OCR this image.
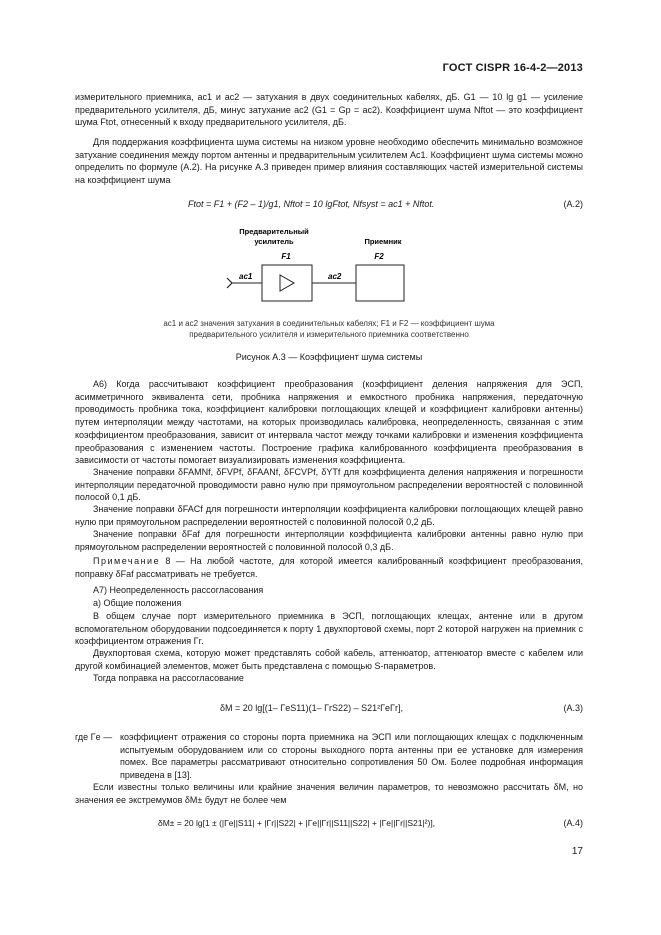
ГОСТ CISPR 16-4-2—2013
измерительного приемника, ac1 и ac2 — затухания в двух соединительных кабелях, дБ. G1 — 10 lg g1 — усиление предварительного усилителя, дБ, минус затухание ac2 (G1 = Gp = ac2). Коэффициент шума Nftot — это коэффициент шума Ftot, отнесенный к входу предварительного усилителя, дБ.
Для поддержания коэффициента шума системы на низком уровне необходимо обеспечить минимально возможное затухание соединения между портом антенны и предварительным усилителем Ac1. Коэффициент шума системы можно определить по формуле (А.2). На рисунке А.3 приведен пример влияния составляющих частей измерительной системы на коэффициент шума
Ftot = F1 + (F2 – 1)/g1, Nftot = 10 lgFtot, Nfsyst = ac1 + Nftot.	(А.2)
Предварительный
усилитель	Приемник
F1	F2
ac1	ac2
ac1 и ac2 значения затухания в соединительных кабелях; F1 и F2 — коэффициент шума
предварительного усилителя и измерительного приемника соответственно
Рисунок А.3 — Коэффициент шума системы
А6) Когда рассчитывают коэффициент преобразования (коэффициент деления напряжения для ЭСП, асимметричного эквивалента сети, пробника напряжения и емкостного пробника напряжения, передаточную проводимость пробника тока, коэффициент калибровки поглощающих клещей и коэффициент калибровки антенны) путем интерполяции между частотами, на которых производилась калибровка, неопределенность, связанная с этим коэффициентом преобразования, зависит от интервала частот между точками калибровки и изменения коэффициента преобразования с изменением частоты. Построение графика калиброванного коэффициента преобразования в зависимости от частоты помогает визуализировать изменения коэффициента.
Значение поправки δFAMNf, δFVPf, δFAANf, δFCVPf, δYTf для коэффициента деления напряжения и погрешности интерполяции передаточной проводимости равно нулю при прямоугольном распределении вероятностей с половинной полосой 0,1 дБ.
Значение поправки δFACf для погрешности интерполяции коэффициента калибровки поглощающих клещей равно нулю при прямоугольном распределении вероятностей с половинной полосой 0,2 дБ.
Значение поправки δFaf для погрешности интерполяции коэффициента калибровки антенны равно нулю при прямоугольном распределении вероятностей с половинной полосой 0,3 дБ.
Примечание 8 — На любой частоте, для которой имеется калиброванный коэффициент преобразования, поправку δFaf рассматривать не требуется.
А7) Неопределенность рассогласования
а) Общие положения
В общем случае порт измерительного приемника в ЭСП, поглощающих клещах, антенне или в другом вспомогательном оборудовании подсоединяется к порту 1 двухпортовой схемы, порт 2 которой нагружен на приемник с коэффициентом отражения Γr.
Двухпортовая схема, которую может представлять собой кабель, аттенюатор, аттенюатор вместе с кабелем или другой комбинацией элементов, может быть представлена с помощью S-параметров.
Тогда поправка на рассогласование
δM = 20 lg[(1– ΓeS11)(1– ΓrS22) – S21²ΓeΓr],	(А.3)
где Γe — коэффициент отражения со стороны порта приемника на ЭСП или поглощающих клещах с подключенным испытуемым оборудованием или со стороны выходного порта антенны при ее установке для измерения помех. Все параметры рассматривают относительно сопротивления 50 Ом. Более подробная информация приведена в [13].
Если известны только величины или крайние значения величин параметров, то невозможно рассчитать δM, но значения ее экстремумов δM± будут не более чем
δM± = 20 lg[1 ± (|Γe||S11| + |Γr||S22| + |Γe||Γr||S11||S22| + |Γe||Γr||S21|²)],	(А.4)
17
